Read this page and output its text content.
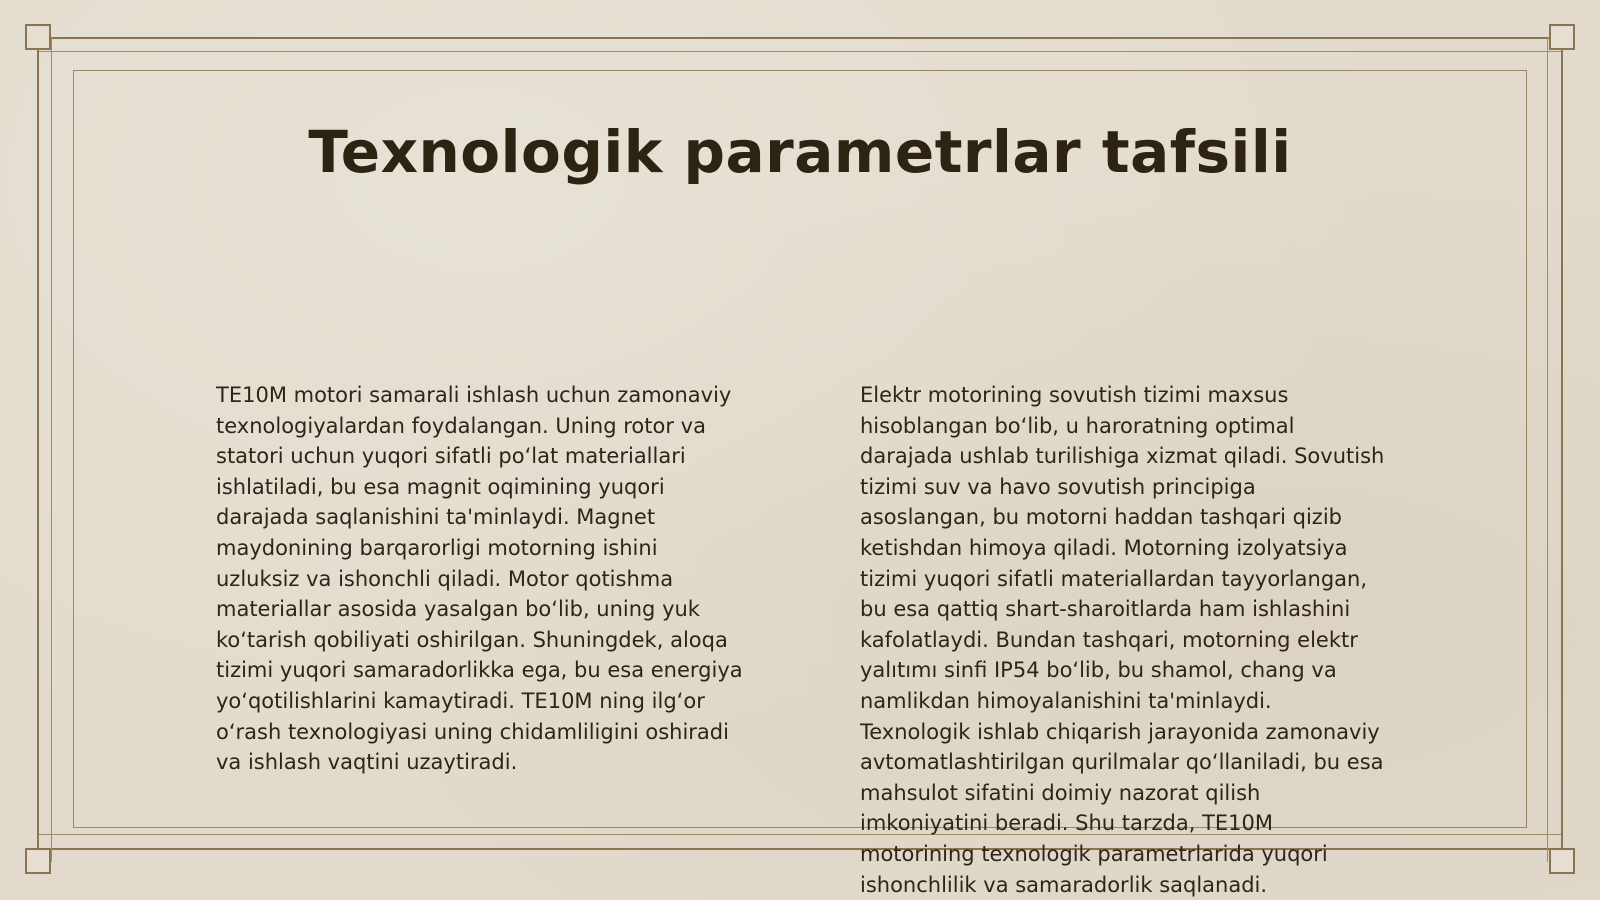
Texnologik parametrlar tafsili

TE10M motori samarali ishlash uchun zamonaviy texnologiyalardan foydalangan. Uning rotor va statori uchun yuqori sifatli po‘lat materiallari ishlatiladi, bu esa magnit oqimining yuqori darajada saqlanishini ta'minlaydi. Magnet maydonining barqarorligi motorning ishini uzluksiz va ishonchli qiladi. Motor qotishma materiallar asosida yasalgan bo‘lib, uning yuk ko‘tarish qobiliyati oshirilgan. Shuningdek, aloqa tizimi yuqori samaradorlikka ega, bu esa energiya yo‘qotilishlarini kamaytiradi. TE10M ning ilg‘or o‘rash texnologiyasi uning chidamliligini oshiradi va ishlash vaqtini uzaytiradi.

Elektr motorining sovutish tizimi maxsus hisoblangan bo‘lib, u haroratning optimal darajada ushlab turilishiga xizmat qiladi. Sovutish tizimi suv va havo sovutish principiga asoslangan, bu motorni haddan tashqari qizib ketishdan himoya qiladi. Motorning izolyatsiya tizimi yuqori sifatli materiallardan tayyorlangan, bu esa qattiq shart-sharoitlarda ham ishlashini kafolatlaydi. Bundan tashqari, motorning elektr yalıtımı sinfi IP54 bo‘lib, bu shamol, chang va namlikdan himoyalanishini ta'minlaydi. Texnologik ishlab chiqarish jarayonida zamonaviy avtomatlashtirilgan qurilmalar qo‘llaniladi, bu esa mahsulot sifatini doimiy nazorat qilish imkoniyatini beradi. Shu tarzda, TE10M motorining texnologik parametrlarida yuqori ishonchlilik va samaradorlik saqlanadi.
